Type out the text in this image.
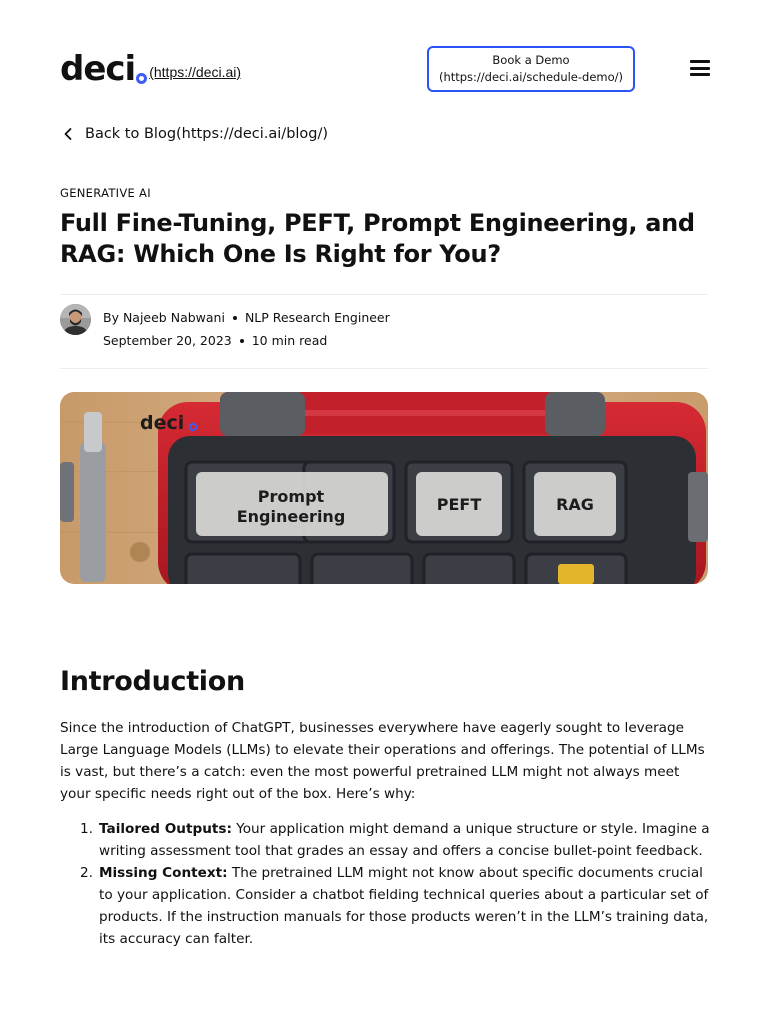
deci (https://deci.ai)
Book a Demo
(https://deci.ai/schedule-demo/)
Back to Blog(https://deci.ai/blog/)
GENERATIVE AI
Full Fine-Tuning, PEFT, Prompt Engineering, and RAG: Which One Is Right for You?
By Najeeb Nabwani NLP Research Engineer
September 20, 2023 10 min read
deci
Prompt
Engineering
PEFT	RAG
Introduction

Since the introduction of ChatGPT, businesses everywhere have eagerly sought to leverage Large Language Models (LLMs) to elevate their operations and offerings. The potential of LLMs is vast, but there’s a catch: even the most powerful pretrained LLM might not always meet your specific needs right out of the box. Here’s why:

1. Tailored Outputs: Your application might demand a unique structure or style. Imagine a writing assessment tool that grades an essay and offers a concise bullet-point feedback.
2. Missing Context: The pretrained LLM might not know about specific documents crucial to your application. Consider a chatbot fielding technical queries about a particular set of products. If the instruction manuals for those products weren’t in the LLM’s training data, its accuracy can falter.
